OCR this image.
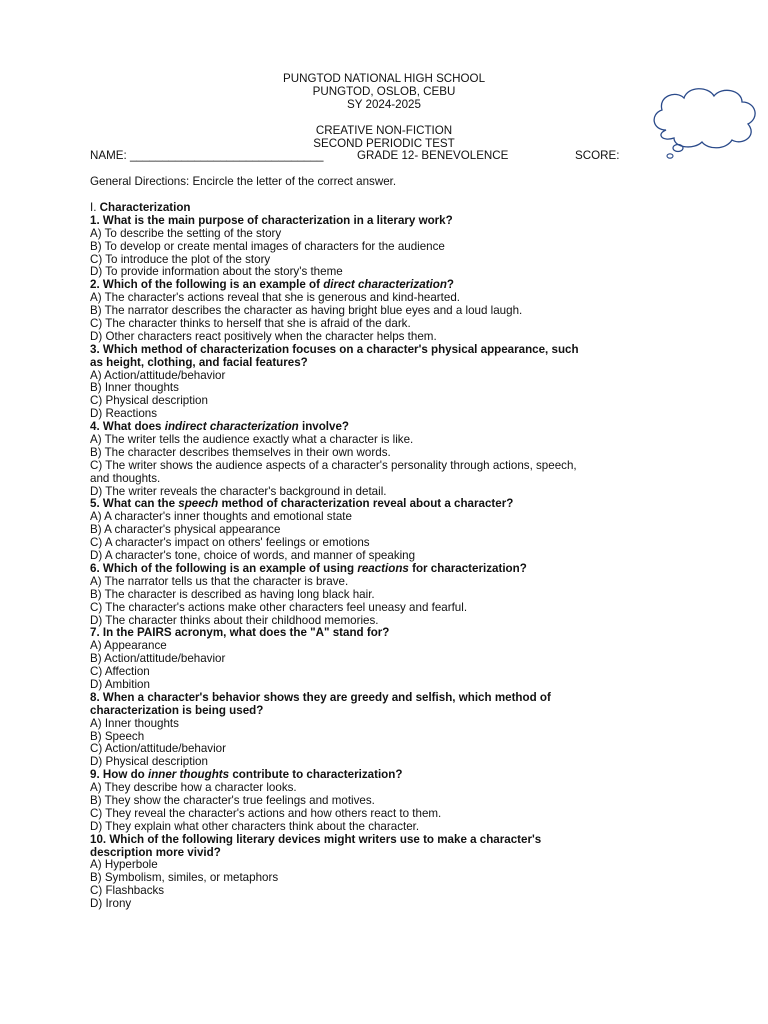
PUNGTOD NATIONAL HIGH SCHOOL
PUNGTOD, OSLOB, CEBU
SY 2024-2025
CREATIVE NON-FICTION
SECOND PERIODIC TEST
NAME: ______________________________	GRADE 12- BENEVOLENCE	SCORE:
General Directions: Encircle the letter of the correct answer.
I. Characterization
1. What is the main purpose of characterization in a literary work?
A) To describe the setting of the story
B) To develop or create mental images of characters for the audience
C) To introduce the plot of the story
D) To provide information about the story's theme
2. Which of the following is an example of direct characterization?
A) The character's actions reveal that she is generous and kind-hearted.
B) The narrator describes the character as having bright blue eyes and a loud laugh.
C) The character thinks to herself that she is afraid of the dark.
D) Other characters react positively when the character helps them.
3. Which method of characterization focuses on a character's physical appearance, such
as height, clothing, and facial features?
A) Action/attitude/behavior
B) Inner thoughts
C) Physical description
D) Reactions
4. What does indirect characterization involve?
A) The writer tells the audience exactly what a character is like.
B) The character describes themselves in their own words.
C) The writer shows the audience aspects of a character's personality through actions, speech,
and thoughts.
D) The writer reveals the character's background in detail.
5. What can the speech method of characterization reveal about a character?
A) A character's inner thoughts and emotional state
B) A character's physical appearance
C) A character's impact on others' feelings or emotions
D) A character's tone, choice of words, and manner of speaking
6. Which of the following is an example of using reactions for characterization?
A) The narrator tells us that the character is brave.
B) The character is described as having long black hair.
C) The character's actions make other characters feel uneasy and fearful.
D) The character thinks about their childhood memories.
7. In the PAIRS acronym, what does the "A" stand for?
A) Appearance
B) Action/attitude/behavior
C) Affection
D) Ambition
8. When a character's behavior shows they are greedy and selfish, which method of
characterization is being used?
A) Inner thoughts
B) Speech
C) Action/attitude/behavior
D) Physical description
9. How do inner thoughts contribute to characterization?
A) They describe how a character looks.
B) They show the character's true feelings and motives.
C) They reveal the character's actions and how others react to them.
D) They explain what other characters think about the character.
10. Which of the following literary devices might writers use to make a character's
description more vivid?
A) Hyperbole
B) Symbolism, similes, or metaphors
C) Flashbacks
D) Irony
